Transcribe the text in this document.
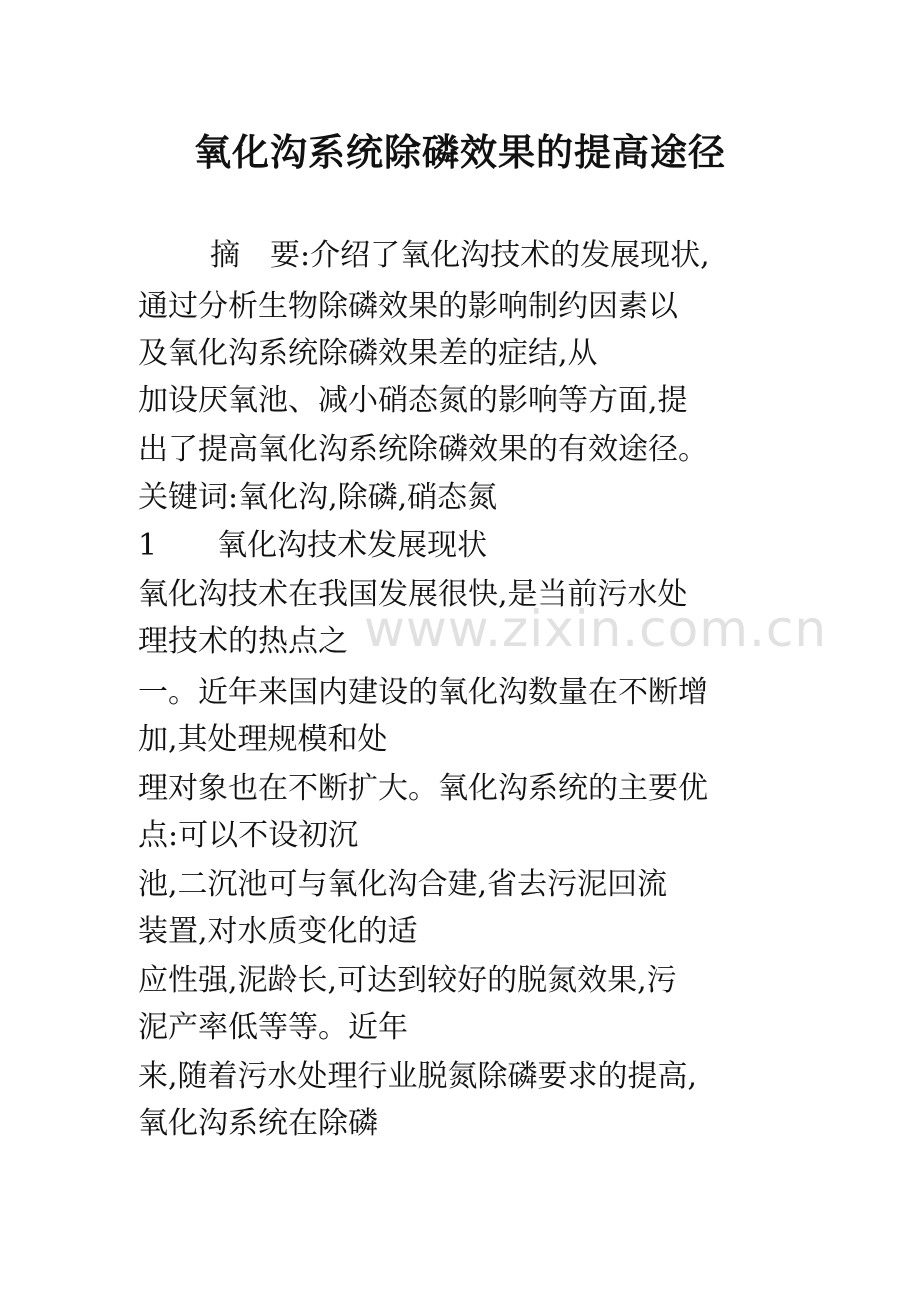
氧化沟系统除磷效果的提高途径

摘　要:介绍了氧化沟技术的发展现状,

通过分析生物除磷效果的影响制约因素以

及氧化沟系统除磷效果差的症结,从

加设厌氧池、减小硝态氮的影响等方面,提

出了提高氧化沟系统除磷效果的有效途径。

关键词:氧化沟,除磷,硝态氮

1　　氧化沟技术发展现状

氧化沟技术在我国发展很快,是当前污水处

理技术的热点之

一。近年来国内建设的氧化沟数量在不断增

加,其处理规模和处

理对象也在不断扩大。氧化沟系统的主要优

点:可以不设初沉

池,二沉池可与氧化沟合建,省去污泥回流

装置,对水质变化的适

应性强,泥龄长,可达到较好的脱氮效果,污

泥产率低等等。近年

来,随着污水处理行业脱氮除磷要求的提高,

氧化沟系统在除磷

www.zixin.com.cn
